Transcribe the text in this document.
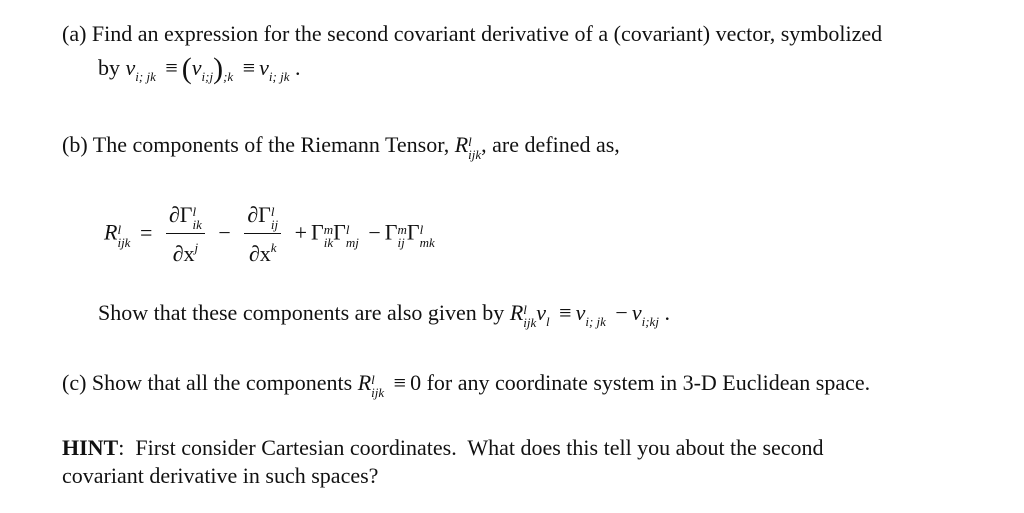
(a) Find an expression for the second covariant derivative of a (covariant) vector, symbolized
by $v_{i; jk} \equiv (v_{i;j})_{;k} \equiv v_{i; jk}$ .
(b) The components of the Riemann Tensor, R l
ijk , are defined as,
R l
ijk = ∂Γ l
ik
$\partial x^j - \partial\Gamma$ l
ij
$\partial x^k + \Gamma$ m
ik Γ l
mj − Γ m
ij Γ l
mk
Show that these components are also given by R l
ijk $v_l \equiv v_{i; jk} - v_{i;kj}$ .
(c) Show that all the components R l
ijk ≡ 0 for any coordinate system in 3-D Euclidean space.
HINT:  First consider Cartesian coordinates.  What does this tell you about the second
covariant derivative in such spaces?
